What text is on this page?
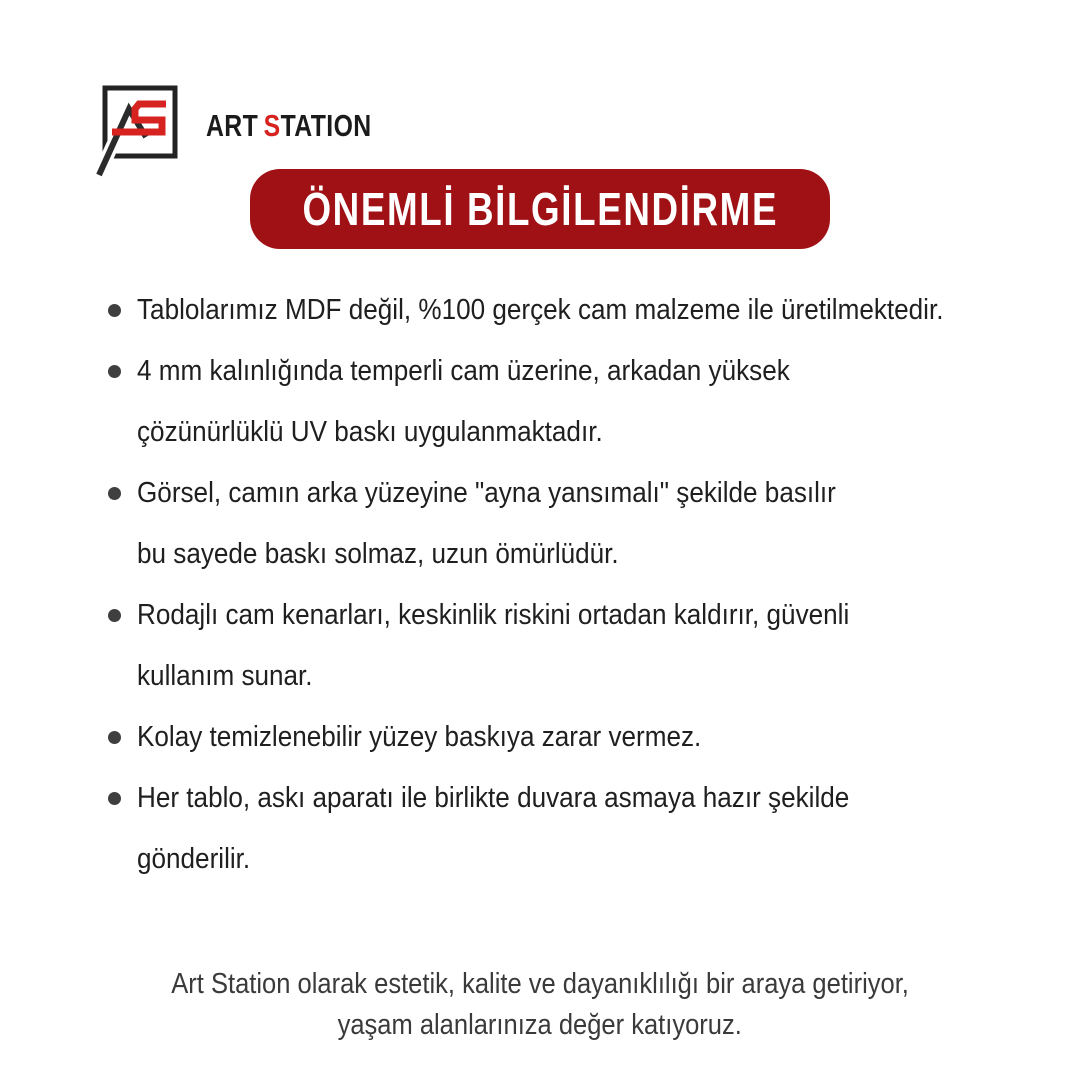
ART STATION
ÖNEMLİ BİLGİLENDİRME
Tablolarımız MDF değil, %100 gerçek cam malzeme ile üretilmektedir.
4 mm kalınlığında temperli cam üzerine, arkadan yüksek
çözünürlüklü UV baskı uygulanmaktadır.
Görsel, camın arka yüzeyine "ayna yansımalı" şekilde basılır
bu sayede baskı solmaz, uzun ömürlüdür.
Rodajlı cam kenarları, keskinlik riskini ortadan kaldırır, güvenli
kullanım sunar.
Kolay temizlenebilir yüzey baskıya zarar vermez.
Her tablo, askı aparatı ile birlikte duvara asmaya hazır şekilde
gönderilir.
Art Station olarak estetik, kalite ve dayanıklılığı bir araya getiriyor,
yaşam alanlarınıza değer katıyoruz.
